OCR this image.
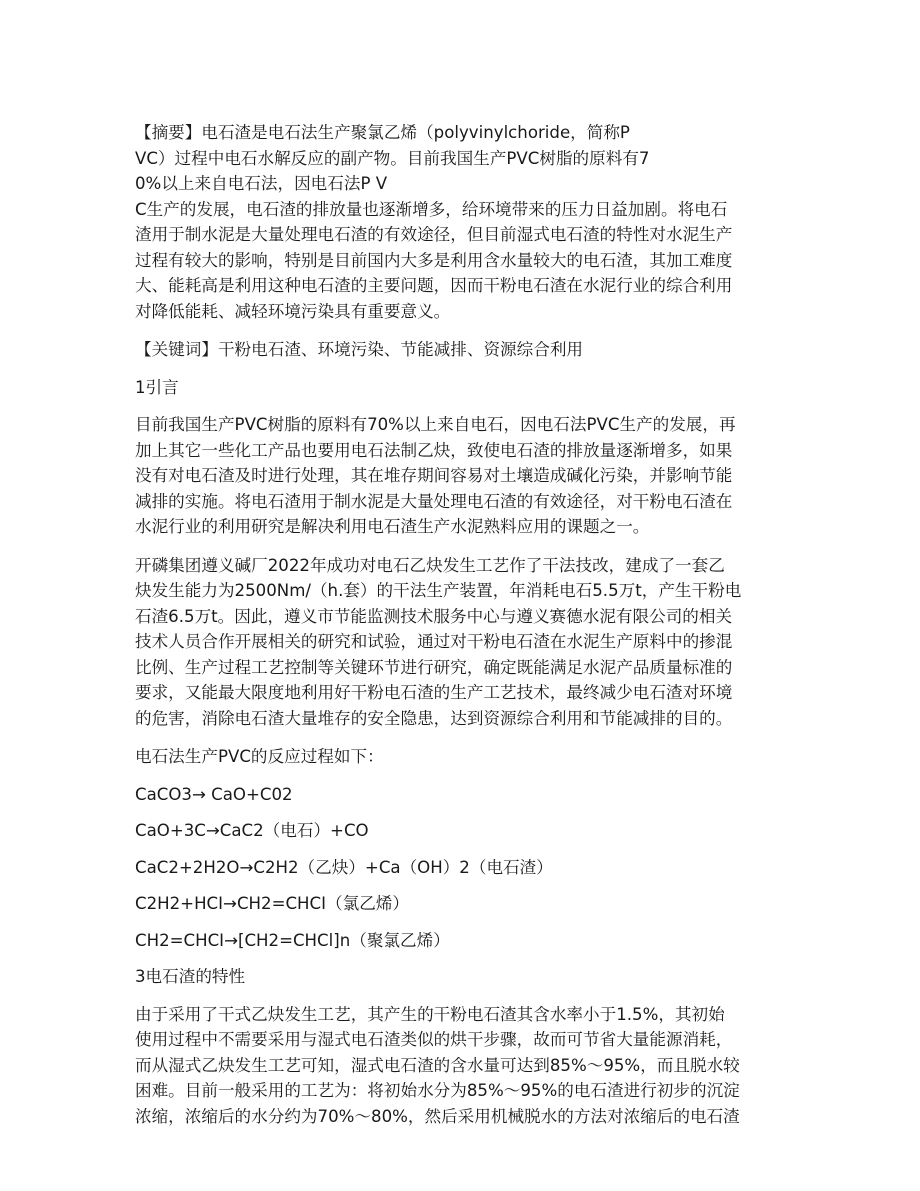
【摘要】电石渣是电石法生产聚氯乙烯（polyvinylchoride，简称P
VC）过程中电石水解反应的副产物。目前我国生产PVC树脂的原料有7
0%以上来自电石法，因电石法P V
C生产的发展，电石渣的排放量也逐渐增多，给环境带来的压力日益加剧。将电石
渣用于制水泥是大量处理电石渣的有效途径，但目前湿式电石渣的特性对水泥生产
过程有较大的影响，特别是目前国内大多是利用含水量较大的电石渣，其加工难度
大、能耗高是利用这种电石渣的主要问题，因而干粉电石渣在水泥行业的综合利用
对降低能耗、减轻环境污染具有重要意义。
【关键词】干粉电石渣、环境污染、节能减排、资源综合利用
1引言
目前我国生产PVC树脂的原料有70%以上来自电石，因电石法PVC生产的发展，再
加上其它一些化工产品也要用电石法制乙炔，致使电石渣的排放量逐渐增多，如果
没有对电石渣及时进行处理，其在堆存期间容易对土壤造成碱化污染，并影响节能
减排的实施。将电石渣用于制水泥是大量处理电石渣的有效途径，对干粉电石渣在
水泥行业的利用研究是解决利用电石渣生产水泥熟料应用的课题之一。
开磷集团遵义碱厂2022年成功对电石乙炔发生工艺作了干法技改，建成了一套乙
炔发生能力为2500Nm/（h.套）的干法生产装置，年消耗电石5.5万t，产生干粉电
石渣6.5万t。因此，遵义市节能监测技术服务中心与遵义赛德水泥有限公司的相关
技术人员合作开展相关的研究和试验，通过对干粉电石渣在水泥生产原料中的掺混
比例、生产过程工艺控制等关键环节进行研究，确定既能满足水泥产品质量标准的
要求，又能最大限度地利用好干粉电石渣的生产工艺技术，最终减少电石渣对环境
的危害，消除电石渣大量堆存的安全隐患，达到资源综合利用和节能减排的目的。
电石法生产PVC的反应过程如下：
CaCO3→ CaO+C02
CaO+3C→CaC2（电石）+CO
CaC2+2H2O→C2H2（乙炔）+Ca（OH）2（电石渣）
C2H2+HCI→CH2=CHCI（氯乙烯）
CH2=CHCI→[CH2=CHCl]n（聚氯乙烯）
3电石渣的特性
由于采用了干式乙炔发生工艺，其产生的干粉电石渣其含水率小于1.5%，其初始
使用过程中不需要采用与湿式电石渣类似的烘干步骤，故而可节省大量能源消耗，
而从湿式乙炔发生工艺可知，湿式电石渣的含水量可达到85%～95%，而且脱水较
困难。目前一般采用的工艺为：将初始水分为85%～95%的电石渣进行初步的沉淀
浓缩，浓缩后的水分约为70%～80%，然后采用机械脱水的方法对浓缩后的电石渣
